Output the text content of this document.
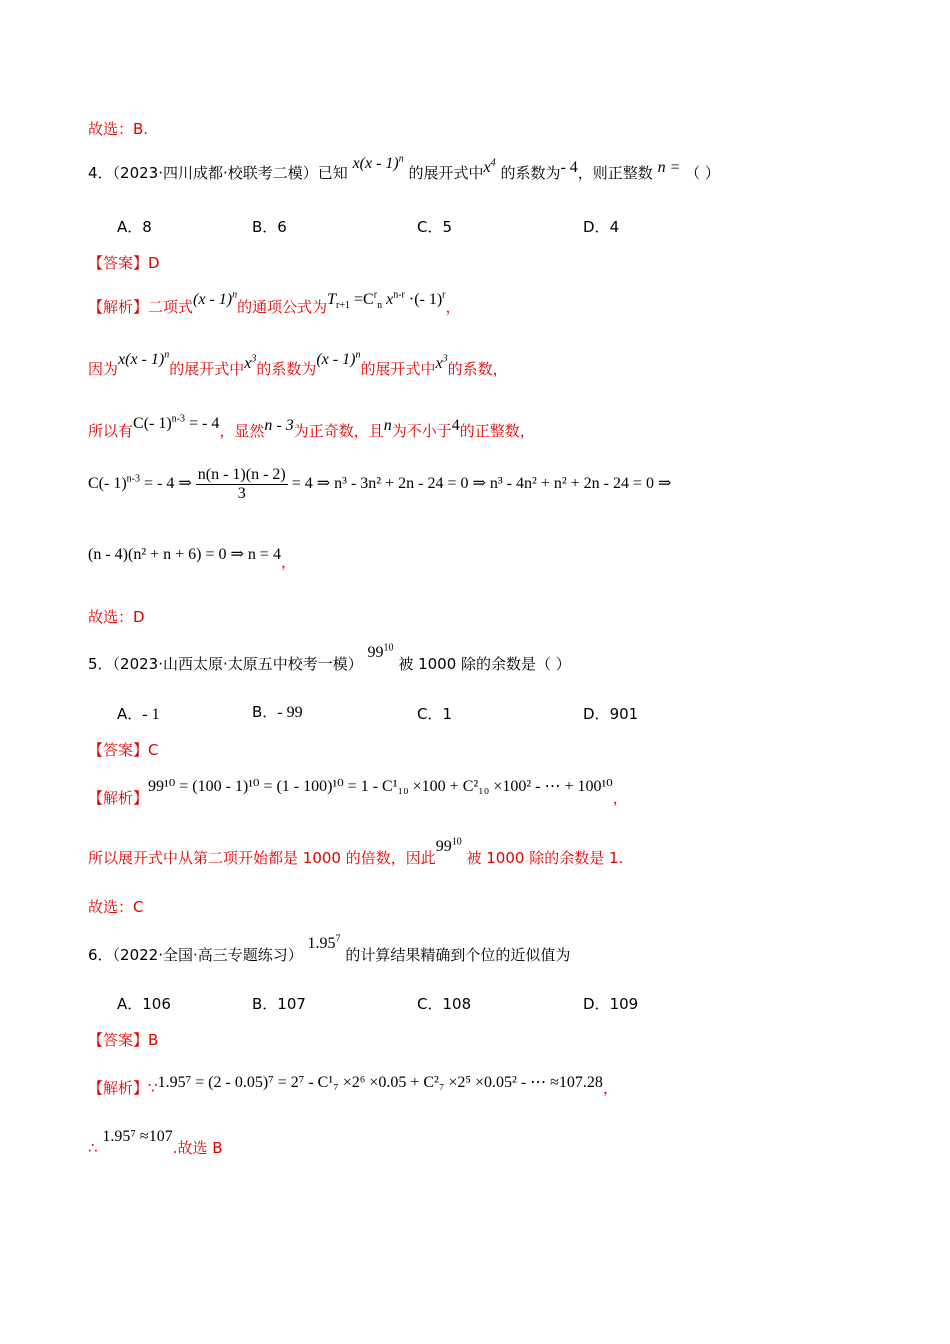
故选：B.
4．（2023·四川成都·校联考二模）已知 x(x - 1)$^n$ 的展开式中$x^4$ 的系数为- 4，则正整数 n = （ ）
A．8	B．6	C．5	D．4
【答案】D
【解析】二项式(x - 1)$^n$的通项公式为$T_{r+1} =C^r_n$ $x^{n-r}$ ·(- 1)$^r$，
因为x(x - 1)$^n$的展开式中$x^3$的系数为(x - 1)$^n$的展开式中$x^3$的系数，
所以有C(- 1)$^{n-3}$ = - 4，显然n - 3为正奇数，且n为不小于4的正整数，
C(- 1)$^{n-3}$ = - 4 ⇒ $\frac{n(n - 1)(n - 2)}{3} = 4$ ⇒ n³ - 3n² + 2n - 24 = 0 ⇒ n³ - 4n² + n² + 2n - 24 = 0 ⇒
(n - 4)(n² + n + 6) = 0 ⇒ n = 4，
故选：D
5．（2023·山西太原·太原五中校考一模） $99^{10}$ 被 1000 除的余数是（ ）
A．- 1	B．- 99	C．1	D．901
【答案】C
【解析】99¹⁰ = (100 - 1)¹⁰ = (1 - 100)¹⁰ = 1 - C¹₁₀ ×100 + C²₁₀ ×100² - ⋯ + 100¹⁰，
所以展开式中从第二项开始都是 1000 的倍数，因此$99^{10}$ 被 1000 除的余数是 1.
故选：C
6．（2022·全国·高三专题练习） 1.95$^7$ 的计算结果精确到个位的近似值为
A．106	B．107	C．108	D．109
【答案】B
【解析】∵1.95⁷ = (2 - 0.05)⁷ = 2⁷ - C¹₇ ×2⁶ ×0.05 + C²₇ ×2⁵ ×0.05² - ⋯ ≈107.28，
∴ 1.95⁷ ≈107.故选 B
